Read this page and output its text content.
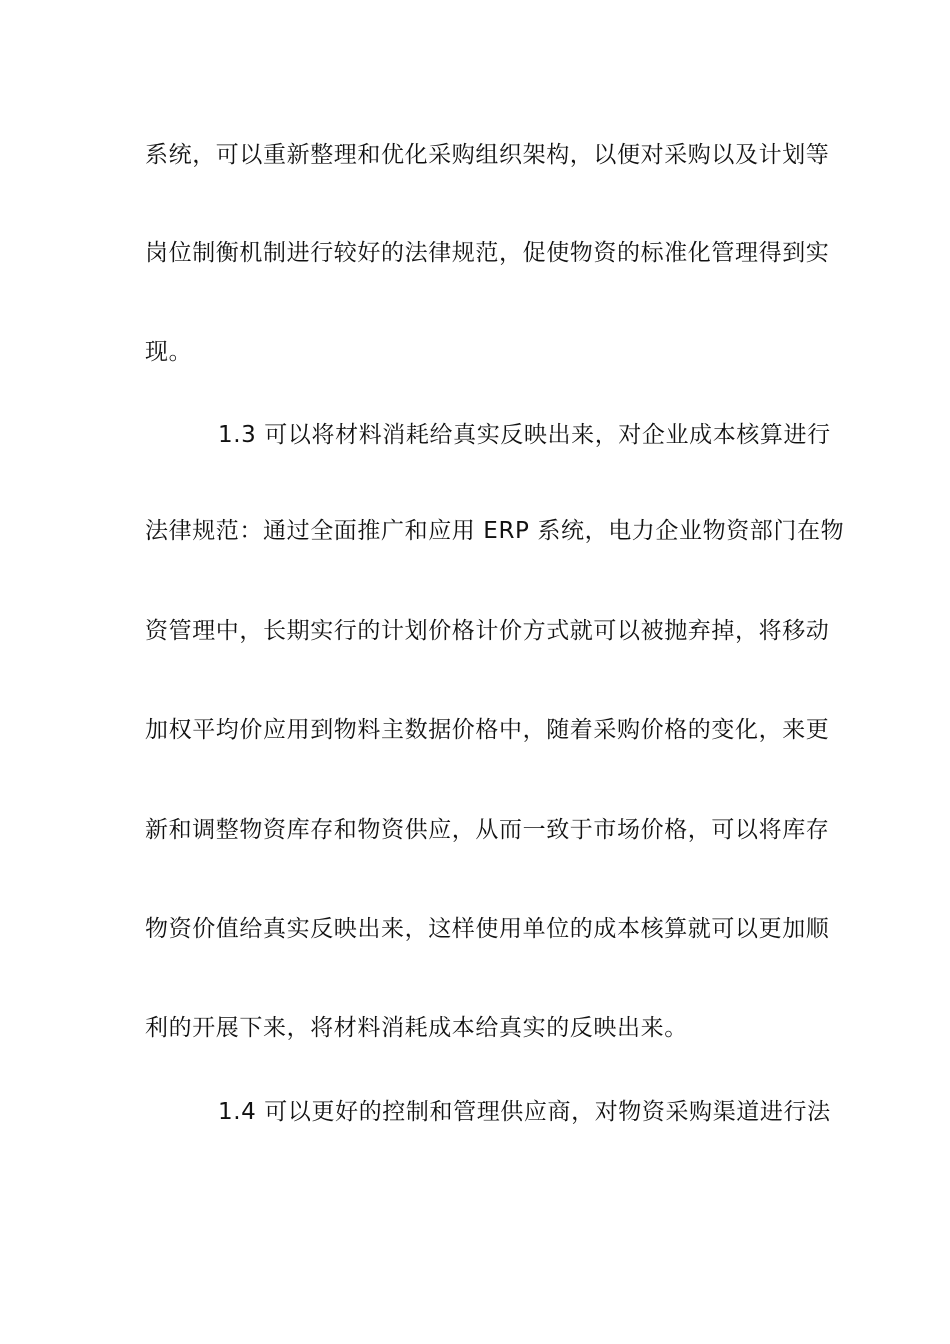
系统，可以重新整理和优化采购组织架构，以便对采购以及计划等
岗位制衡机制进行较好的法律规范，促使物资的标准化管理得到实
现。
1.3 可以将材料消耗给真实反映出来，对企业成本核算进行
法律规范：通过全面推广和应用 ERP 系统，电力企业物资部门在物
资管理中，长期实行的计划价格计价方式就可以被抛弃掉，将移动
加权平均价应用到物料主数据价格中，随着采购价格的变化，来更
新和调整物资库存和物资供应，从而一致于市场价格，可以将库存
物资价值给真实反映出来，这样使用单位的成本核算就可以更加顺
利的开展下来，将材料消耗成本给真实的反映出来。
1.4 可以更好的控制和管理供应商，对物资采购渠道进行法
